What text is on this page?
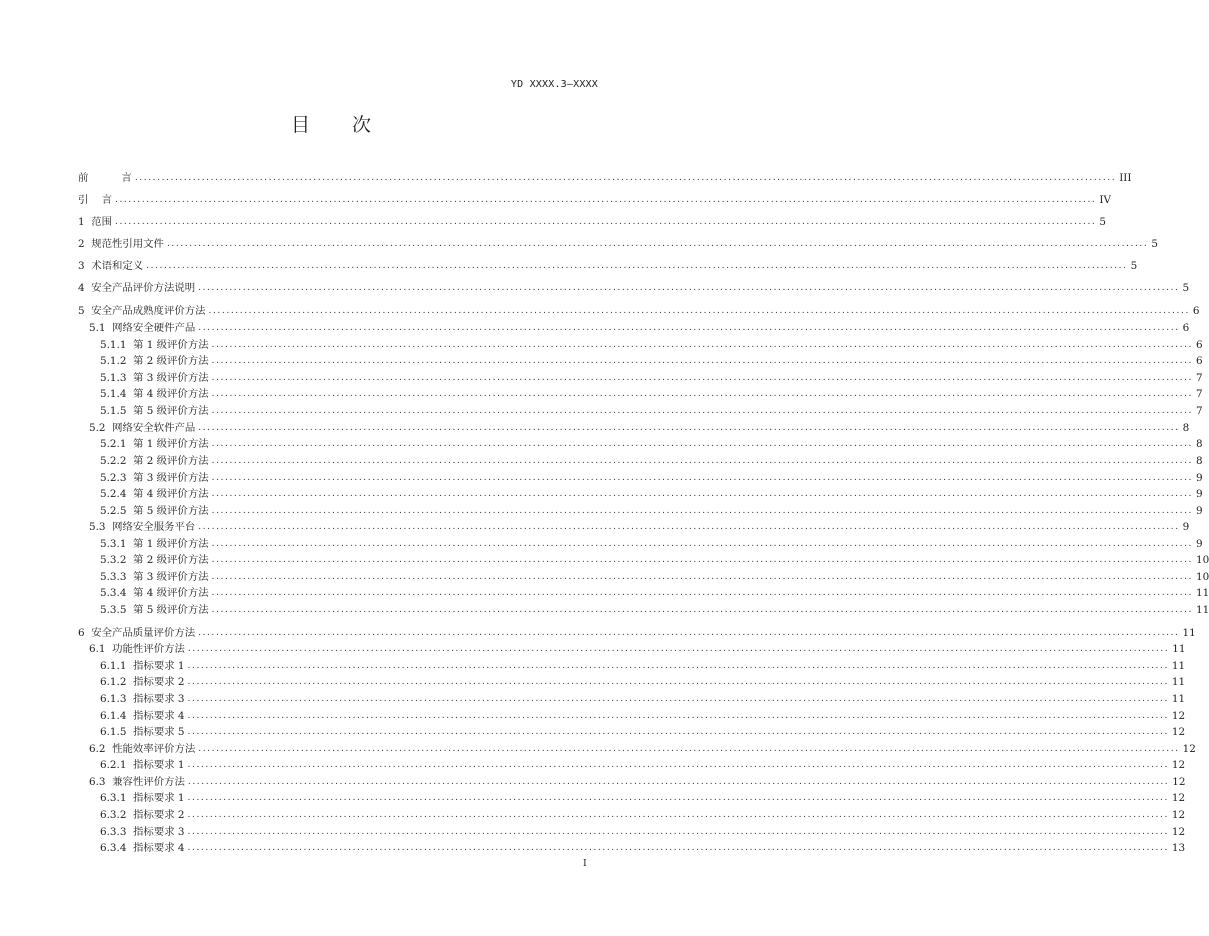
YD XXXX.3—XXXX
目 次
前          言 ............................................................................................................................................................................................................................ III
引    言 ............................................................................................................................................................................................................................ IV
1  范围 ............................................................................................................................................................................................................................ 5
2  规范性引用文件 ............................................................................................................................................................................................................................ 5
3  术语和定义 ............................................................................................................................................................................................................................ 5
4  安全产品评价方法说明 ............................................................................................................................................................................................................................ 5
5  安全产品成熟度评价方法 ............................................................................................................................................................................................................................ 6
5.1  网络安全硬件产品 ............................................................................................................................................................................................................................ 6
5.1.1  第 1 级评价方法 ............................................................................................................................................................................................................................ 6
5.1.2  第 2 级评价方法 ............................................................................................................................................................................................................................ 6
5.1.3  第 3 级评价方法 ............................................................................................................................................................................................................................ 7
5.1.4  第 4 级评价方法 ............................................................................................................................................................................................................................ 7
5.1.5  第 5 级评价方法 ............................................................................................................................................................................................................................ 7
5.2  网络安全软件产品 ............................................................................................................................................................................................................................ 8
5.2.1  第 1 级评价方法 ............................................................................................................................................................................................................................ 8
5.2.2  第 2 级评价方法 ............................................................................................................................................................................................................................ 8
5.2.3  第 3 级评价方法 ............................................................................................................................................................................................................................ 9
5.2.4  第 4 级评价方法 ............................................................................................................................................................................................................................ 9
5.2.5  第 5 级评价方法 ............................................................................................................................................................................................................................ 9
5.3  网络安全服务平台 ............................................................................................................................................................................................................................ 9
5.3.1  第 1 级评价方法 ............................................................................................................................................................................................................................ 9
5.3.2  第 2 级评价方法 ............................................................................................................................................................................................................................ 10
5.3.3  第 3 级评价方法 ............................................................................................................................................................................................................................ 10
5.3.4  第 4 级评价方法 ............................................................................................................................................................................................................................ 11
5.3.5  第 5 级评价方法 ............................................................................................................................................................................................................................ 11
6  安全产品质量评价方法 ............................................................................................................................................................................................................................ 11
6.1  功能性评价方法 ............................................................................................................................................................................................................................ 11
6.1.1  指标要求 1 ............................................................................................................................................................................................................................ 11
6.1.2  指标要求 2 ............................................................................................................................................................................................................................ 11
6.1.3  指标要求 3 ............................................................................................................................................................................................................................ 11
6.1.4  指标要求 4 ............................................................................................................................................................................................................................ 12
6.1.5  指标要求 5 ............................................................................................................................................................................................................................ 12
6.2  性能效率评价方法 ............................................................................................................................................................................................................................ 12
6.2.1  指标要求 1 ............................................................................................................................................................................................................................ 12
6.3  兼容性评价方法 ............................................................................................................................................................................................................................ 12
6.3.1  指标要求 1 ............................................................................................................................................................................................................................ 12
6.3.2  指标要求 2 ............................................................................................................................................................................................................................ 12
6.3.3  指标要求 3 ............................................................................................................................................................................................................................ 12
6.3.4  指标要求 4 ............................................................................................................................................................................................................................ 13
I
